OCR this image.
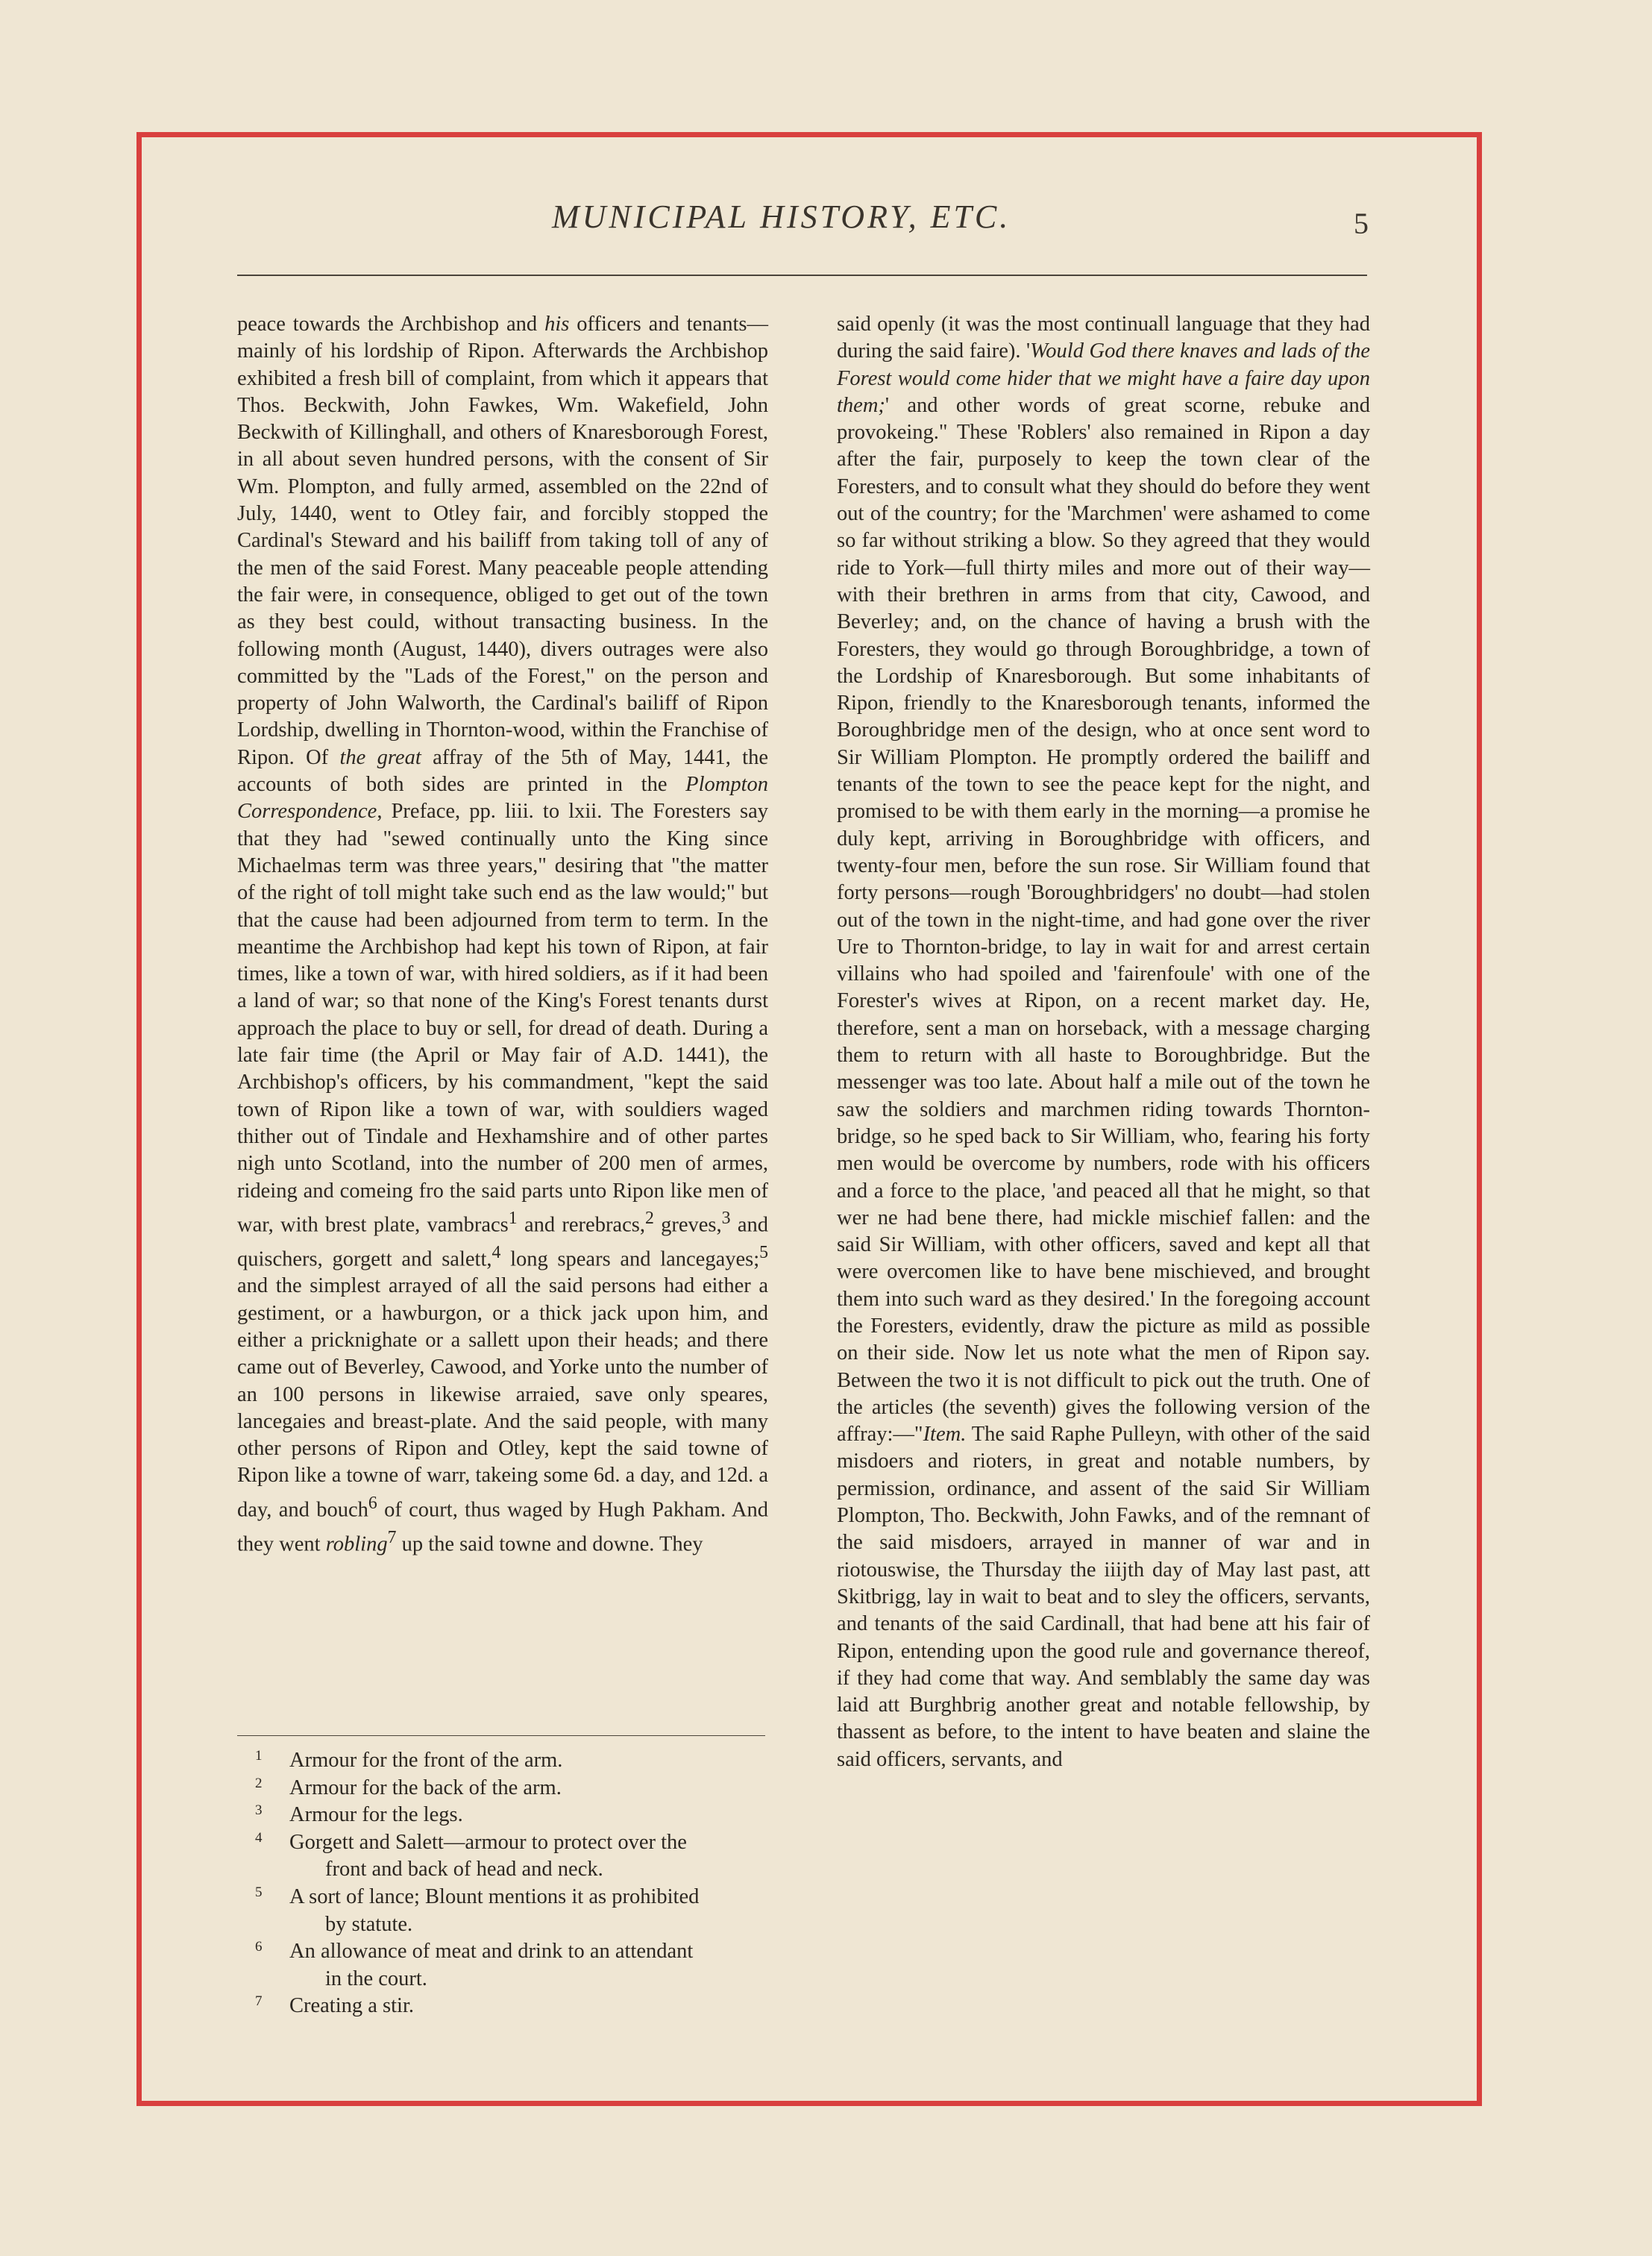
MUNICIPAL HISTORY, ETC.	5

peace towards the Archbishop and his officers and tenants—mainly of his lordship of Ripon. Afterwards the Archbishop exhibited a fresh bill of complaint, from which it appears that Thos. Beckwith, John Fawkes, Wm. Wakefield, John Beckwith of Killinghall, and others of Knaresborough Forest, in all about seven hundred persons, with the consent of Sir Wm. Plompton, and fully armed, assembled on the 22nd of July, 1440, went to Otley fair, and forcibly stopped the Cardinal's Steward and his bailiff from taking toll of any of the men of the said Forest. Many peaceable people attending the fair were, in consequence, obliged to get out of the town as they best could, without transacting business. In the following month (August, 1440), divers outrages were also committed by the "Lads of the Forest," on the person and property of John Walworth, the Cardinal's bailiff of Ripon Lordship, dwelling in Thornton-wood, within the Franchise of Ripon. Of the great affray of the 5th of May, 1441, the accounts of both sides are printed in the Plompton Correspondence, Preface, pp. liii. to lxii. The Foresters say that they had "sewed continually unto the King since Michaelmas term was three years," desiring that "the matter of the right of toll might take such end as the law would;" but that the cause had been adjourned from term to term. In the meantime the Archbishop had kept his town of Ripon, at fair times, like a town of war, with hired soldiers, as if it had been a land of war; so that none of the King's Forest tenants durst approach the place to buy or sell, for dread of death. During a late fair time (the April or May fair of A.D. 1441), the Archbishop's officers, by his commandment, "kept the said town of Ripon like a town of war, with souldiers waged thither out of Tindale and Hexhamshire and of other partes nigh unto Scotland, into the number of 200 men of armes, rideing and comeing fro the said parts unto Ripon like men of war, with brest plate, vambracs$^1$ and rerebracs,$^2$ greves,$^3$ and quischers, gorgett and salett,$^4$ long spears and lancegayes;$^5$ and the simplest arrayed of all the said persons had either a gestiment, or a hawburgon, or a thick jack upon him, and either a pricknighate or a sallett upon their heads; and there came out of Beverley, Cawood, and Yorke unto the number of an 100 persons in likewise arraied, save only speares, lancegaies and breast-plate. And the said people, with many other persons of Ripon and Otley, kept the said towne of Ripon like a towne of warr, takeing some 6d. a day, and 12d. a day, and bouch$^6$ of court, thus waged by Hugh Pakham. And they went robling$^7$ up the said towne and downe. They

1 Armour for the front of the arm.
2 Armour for the back of the arm.
3 Armour for the legs.
4 Gorgett and Salett—armour to protect over the
front and back of head and neck.
5 A sort of lance; Blount mentions it as prohibited
by statute.
6 An allowance of meat and drink to an attendant
in the court.
7 Creating a stir.

said openly (it was the most continuall language that they had during the said faire). 'Would God there knaves and lads of the Forest would come hider that we might have a faire day upon them;' and other words of great scorne, rebuke and provokeing." These 'Roblers' also remained in Ripon a day after the fair, purposely to keep the town clear of the Foresters, and to consult what they should do before they went out of the country; for the 'Marchmen' were ashamed to come so far without striking a blow. So they agreed that they would ride to York—full thirty miles and more out of their way—with their brethren in arms from that city, Cawood, and Beverley; and, on the chance of having a brush with the Foresters, they would go through Boroughbridge, a town of the Lordship of Knaresborough. But some inhabitants of Ripon, friendly to the Knaresborough tenants, informed the Boroughbridge men of the design, who at once sent word to Sir William Plompton. He promptly ordered the bailiff and tenants of the town to see the peace kept for the night, and promised to be with them early in the morning—a promise he duly kept, arriving in Boroughbridge with officers, and twenty-four men, before the sun rose. Sir William found that forty persons—rough 'Boroughbridgers' no doubt—had stolen out of the town in the night-time, and had gone over the river Ure to Thornton-bridge, to lay in wait for and arrest certain villains who had spoiled and 'fairenfoule' with one of the Forester's wives at Ripon, on a recent market day. He, therefore, sent a man on horseback, with a message charging them to return with all haste to Boroughbridge. But the messenger was too late. About half a mile out of the town he saw the soldiers and marchmen riding towards Thornton-bridge, so he sped back to Sir William, who, fearing his forty men would be overcome by numbers, rode with his officers and a force to the place, 'and peaced all that he might, so that wer ne had bene there, had mickle mischief fallen: and the said Sir William, with other officers, saved and kept all that were overcomen like to have bene mischieved, and brought them into such ward as they desired.' In the foregoing account the Foresters, evidently, draw the picture as mild as possible on their side. Now let us note what the men of Ripon say. Between the two it is not difficult to pick out the truth. One of the articles (the seventh) gives the following version of the affray:—"Item. The said Raphe Pulleyn, with other of the said misdoers and rioters, in great and notable numbers, by permission, ordinance, and assent of the said Sir William Plompton, Tho. Beckwith, John Fawks, and of the remnant of the said misdoers, arrayed in manner of war and in riotouswise, the Thursday the iiijth day of May last past, att Skitbrigg, lay in wait to beat and to sley the officers, servants, and tenants of the said Cardinall, that had bene att his fair of Ripon, entending upon the good rule and governance thereof, if they had come that way. And semblably the same day was laid att Burghbrig another great and notable fellowship, by thassent as before, to the intent to have beaten and slaine the said officers, servants, and
